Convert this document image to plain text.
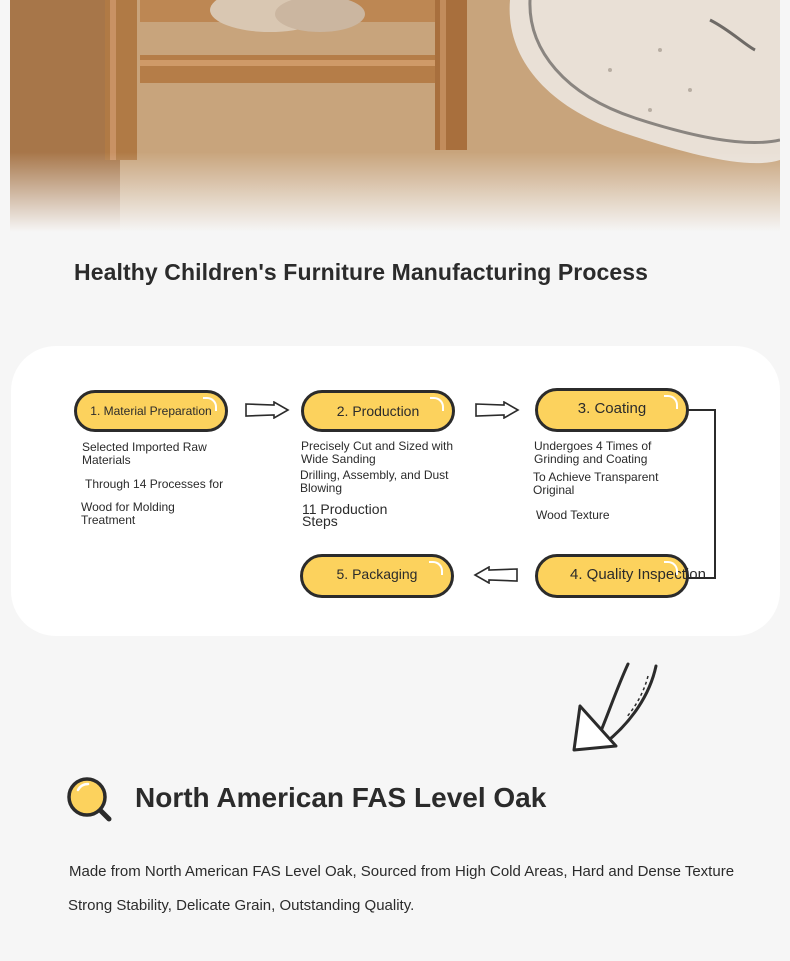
Healthy Children's Furniture Manufacturing Process
1. Material Preparation
Selected Imported Raw
Materials
Through 14 Processes for
Wood for Molding
Treatment
2. Production
Precisely Cut and Sized with
Wide Sanding
Drilling, Assembly, and Dust
Blowing
11 Production
Steps
3. Coating
Undergoes 4 Times of
Grinding and Coating
To Achieve Transparent
Original
Wood Texture
4. Quality Inspection
5. Packaging
North American FAS Level Oak

Made from North American FAS Level Oak, Sourced from High Cold Areas, Hard and Dense Texture

Strong Stability, Delicate Grain, Outstanding Quality.
